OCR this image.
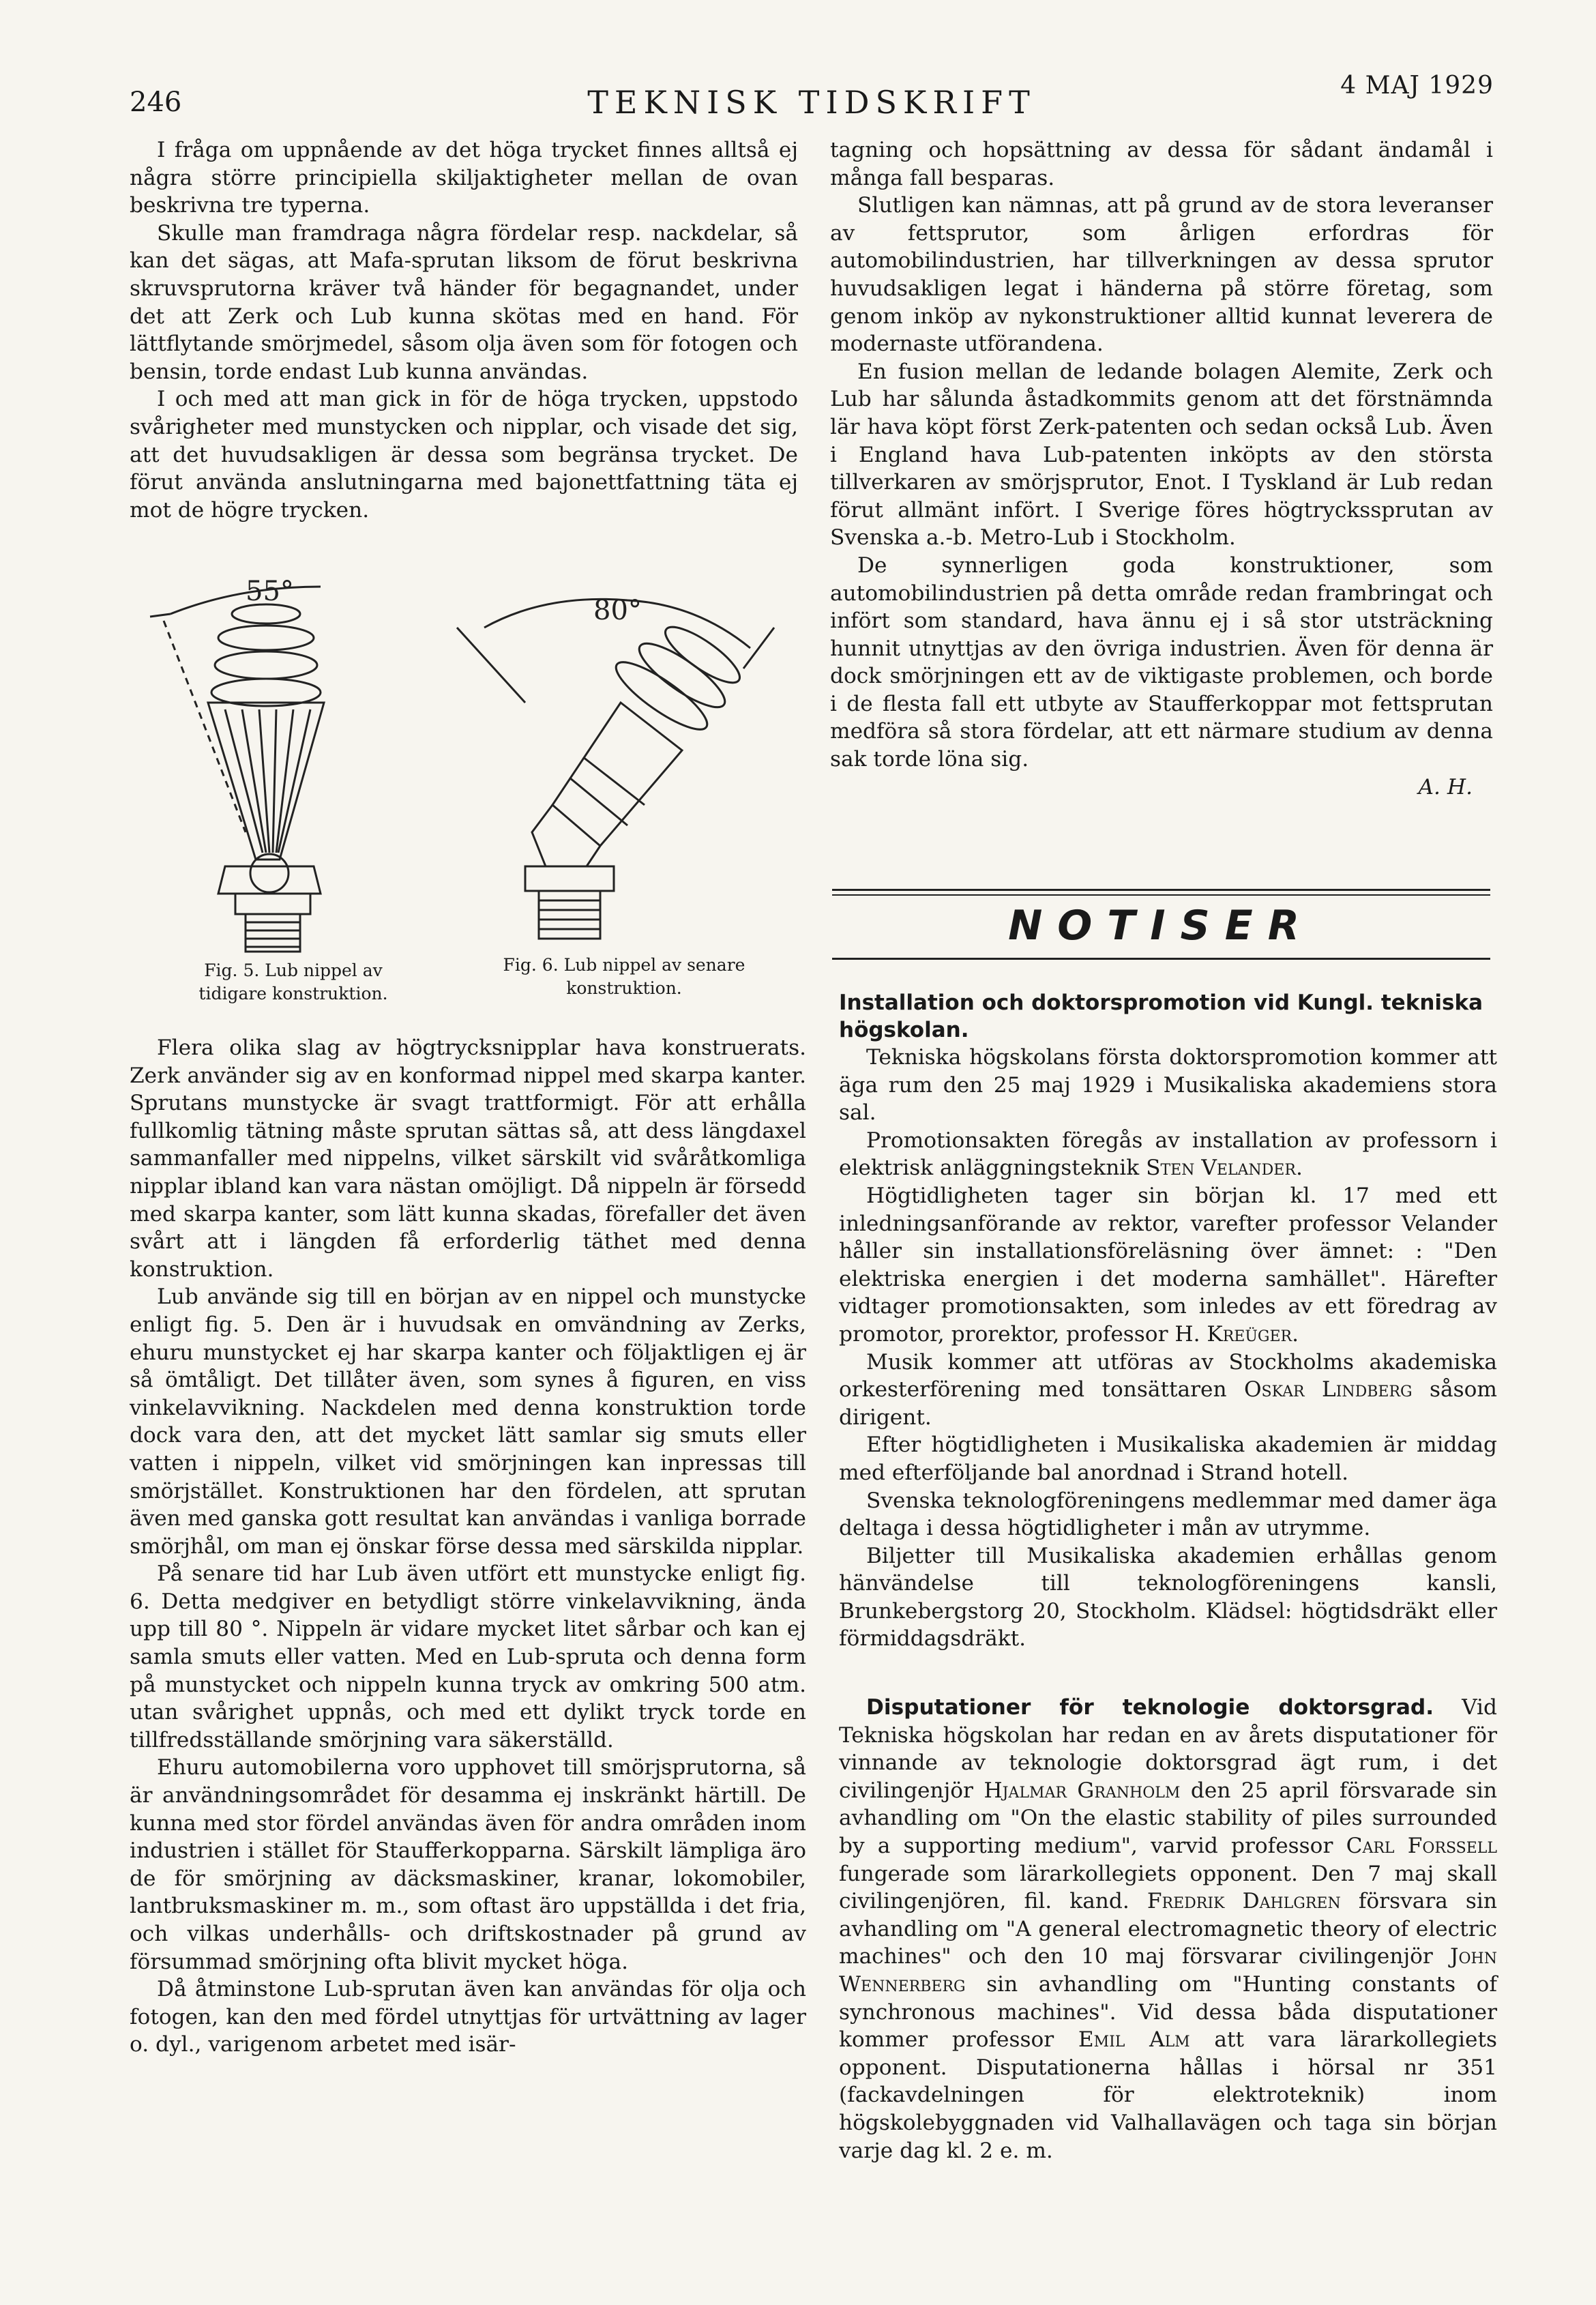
246	TEKNISK TIDSKRIFT	4 MAJ 1929

I fråga om uppnående av det höga trycket finnes alltså ej några större principiella skiljaktigheter mellan de ovan beskrivna tre typerna.

Skulle man framdraga några fördelar resp. nackdelar, så kan det sägas, att Mafa-sprutan liksom de förut beskrivna skruvsprutorna kräver två händer för begagnandet, under det att Zerk och Lub kunna skötas med en hand. För lättflytande smörjmedel, såsom olja även som för fotogen och bensin, torde endast Lub kunna användas.

I och med att man gick in för de höga trycken, uppstodo svårigheter med munstycken och nipplar, och visade det sig, att det huvudsakligen är dessa som begränsa trycket. De förut använda anslutningarna med bajonettfattning täta ej mot de högre trycken.

55°
80°
Fig. 5. Lub nippel av
tidigare konstruktion.
Fig. 6. Lub nippel av senare
konstruktion.

Flera olika slag av högtrycksnipplar hava konstruerats. Zerk använder sig av en konformad nippel med skarpa kanter. Sprutans munstycke är svagt trattformigt. För att erhålla fullkomlig tätning måste sprutan sättas så, att dess längdaxel sammanfaller med nippelns, vilket särskilt vid svåråtkomliga nipplar ibland kan vara nästan omöjligt. Då nippeln är försedd med skarpa kanter, som lätt kunna skadas, förefaller det även svårt att i längden få erforderlig täthet med denna konstruktion.

Lub använde sig till en början av en nippel och munstycke enligt fig. 5. Den är i huvudsak en omvändning av Zerks, ehuru munstycket ej har skarpa kanter och följaktligen ej är så ömtåligt. Det tillåter även, som synes å figuren, en viss vinkelavvikning. Nackdelen med denna konstruktion torde dock vara den, att det mycket lätt samlar sig smuts eller vatten i nippeln, vilket vid smörjningen kan inpressas till smörjstället. Konstruktionen har den fördelen, att sprutan även med ganska gott resultat kan användas i vanliga borrade smörjhål, om man ej önskar förse dessa med särskilda nipplar.

På senare tid har Lub även utfört ett munstycke enligt fig. 6. Detta medgiver en betydligt större vinkelavvikning, ända upp till 80 °. Nippeln är vidare mycket litet sårbar och kan ej samla smuts eller vatten. Med en Lub-spruta och denna form på munstycket och nippeln kunna tryck av omkring 500 atm. utan svårighet uppnås, och med ett dylikt tryck torde en tillfredsställande smörjning vara säkerställd.

Ehuru automobilerna voro upphovet till smörjsprutorna, så är användningsområdet för desamma ej inskränkt härtill. De kunna med stor fördel användas även för andra områden inom industrien i stället för Staufferkopparna. Särskilt lämpliga äro de för smörjning av däcksmaskiner, kranar, lokomobiler, lantbruksmaskiner m. m., som oftast äro uppställda i det fria, och vilkas underhålls- och driftskostnader på grund av försummad smörjning ofta blivit mycket höga.

Då åtminstone Lub-sprutan även kan användas för olja och fotogen, kan den med fördel utnyttjas för urtvättning av lager o. dyl., varigenom arbetet med isär-

tagning och hopsättning av dessa för sådant ändamål i många fall besparas.

Slutligen kan nämnas, att på grund av de stora leveranser av fettsprutor, som årligen erfordras för automobilindustrien, har tillverkningen av dessa sprutor huvudsakligen legat i händerna på större företag, som genom inköp av nykonstruktioner alltid kunnat leverera de modernaste utförandena.

En fusion mellan de ledande bolagen Alemite, Zerk och Lub har sålunda åstadkommits genom att det förstnämnda lär hava köpt först Zerk-patenten och sedan också Lub. Även i England hava Lub-patenten inköpts av den största tillverkaren av smörjsprutor, Enot. I Tyskland är Lub redan förut allmänt infört. I Sverige föres högtryckssprutan av Svenska a.-b. Metro-Lub i Stockholm.

De synnerligen goda konstruktioner, som automobilindustrien på detta område redan frambringat och infört som standard, hava ännu ej i så stor utsträckning hunnit utnyttjas av den övriga industrien. Även för denna är dock smörjningen ett av de viktigaste problemen, och borde i de flesta fall ett utbyte av Staufferkoppar mot fettsprutan medföra så stora fördelar, att ett närmare studium av denna sak torde löna sig.

A. H.
NOTISER
Installation och doktorspromotion vid Kungl. tekniska högskolan.

Tekniska högskolans första doktorspromotion kommer att äga rum den 25 maj 1929 i Musikaliska akademiens stora sal.

Promotionsakten föregås av installation av professorn i elektrisk anläggningsteknik Sten Velander.

Högtidligheten tager sin början kl. 17 med ett inledningsanförande av rektor, varefter professor Velander håller sin installationsföreläsning över ämnet: : "Den elektriska energien i det moderna samhället". Härefter vidtager promotionsakten, som inledes av ett föredrag av promotor, prorektor, professor H. Kreüger.

Musik kommer att utföras av Stockholms akademiska orkesterförening med tonsättaren Oskar Lindberg såsom dirigent.

Efter högtidligheten i Musikaliska akademien är middag med efterföljande bal anordnad i Strand hotell.

Svenska teknologföreningens medlemmar med damer äga deltaga i dessa högtidligheter i mån av utrymme.

Biljetter till Musikaliska akademien erhållas genom hänvändelse till teknologföreningens kansli, Brunkebergstorg 20, Stockholm. Klädsel: högtidsdräkt eller förmiddagsdräkt.

Disputationer för teknologie doktorsgrad. Vid Tekniska högskolan har redan en av årets disputationer för vinnande av teknologie doktorsgrad ägt rum, i det civilingenjör Hjalmar Granholm den 25 april försvarade sin avhandling om "On the elastic stability of piles surrounded by a supporting medium", varvid professor Carl Forssell fungerade som lärarkollegiets opponent. Den 7 maj skall civilingenjören, fil. kand. Fredrik Dahlgren försvara sin avhandling om "A general electromagnetic theory of electric machines" och den 10 maj försvarar civilingenjör John Wennerberg sin avhandling om "Hunting constants of synchronous machines". Vid dessa båda disputationer kommer professor Emil Alm att vara lärarkollegiets opponent. Disputationerna hållas i hörsal nr 351 (fackavdelningen för elektroteknik) inom högskolebyggnaden vid Valhallavägen och taga sin början varje dag kl. 2 e. m.
